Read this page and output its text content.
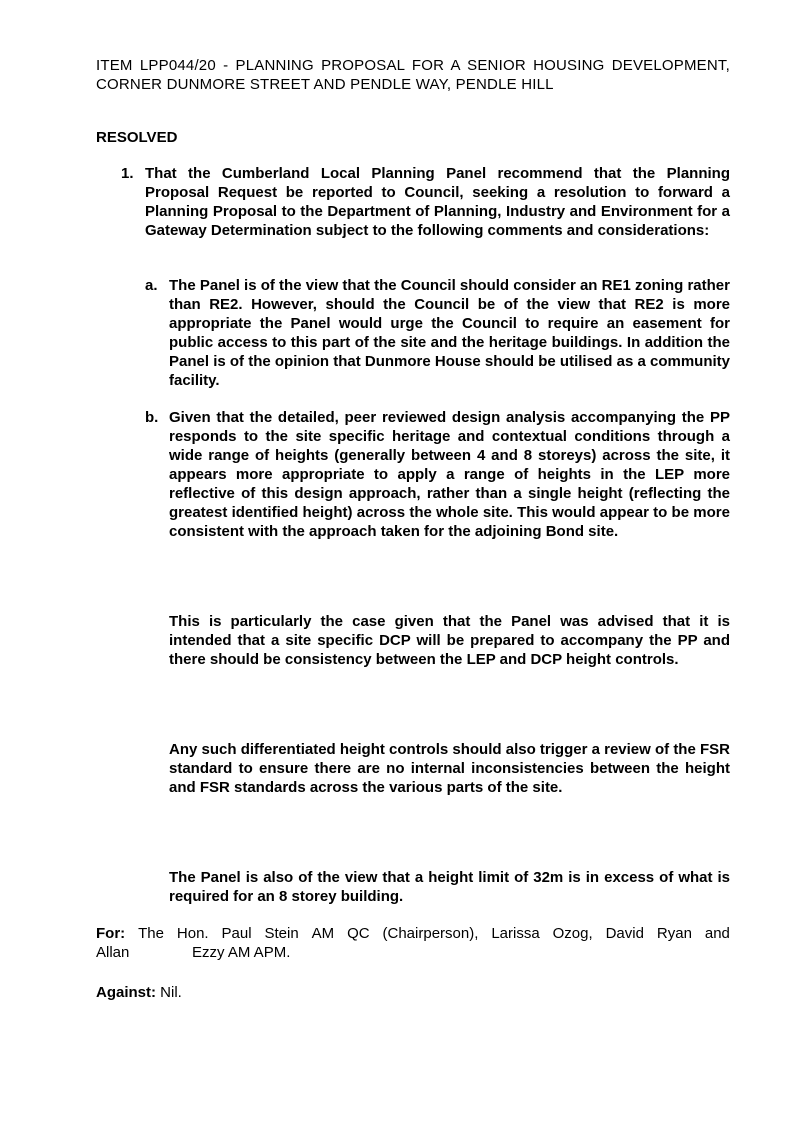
ITEM LPP044/20 - PLANNING PROPOSAL FOR A SENIOR HOUSING DEVELOPMENT, CORNER DUNMORE STREET AND PENDLE WAY, PENDLE HILL
RESOLVED
1. That the Cumberland Local Planning Panel recommend that the Planning Proposal Request be reported to Council, seeking a resolution to forward a Planning Proposal to the Department of Planning, Industry and Environment for a Gateway Determination subject to the following comments and considerations:
a. The Panel is of the view that the Council should consider an RE1 zoning rather than RE2. However, should the Council be of the view that RE2 is more appropriate the Panel would urge the Council to require an easement for public access to this part of the site and the heritage buildings. In addition the Panel is of the opinion that Dunmore House should be utilised as a community facility.
b. Given that the detailed, peer reviewed design analysis accompanying the PP responds to the site specific heritage and contextual conditions through a wide range of heights (generally between 4 and 8 storeys) across the site, it appears more appropriate to apply a range of heights in the LEP more reflective of this design approach, rather than a single height (reflecting the greatest identified height) across the whole site. This would appear to be more consistent with the approach taken for the adjoining Bond site.
This is particularly the case given that the Panel was advised that it is intended that a site specific DCP will be prepared to accompany the PP and there should be consistency between the LEP and DCP height controls.
Any such differentiated height controls should also trigger a review of the FSR standard to ensure there are no internal inconsistencies between the height and FSR standards across the various parts of the site.
The Panel is also of the view that a height limit of 32m is in excess of what is required for an 8 storey building.
For: The Hon. Paul Stein AM QC (Chairperson), Larissa Ozog, David Ryan and
Allan	Ezzy AM APM.
Against: Nil.
